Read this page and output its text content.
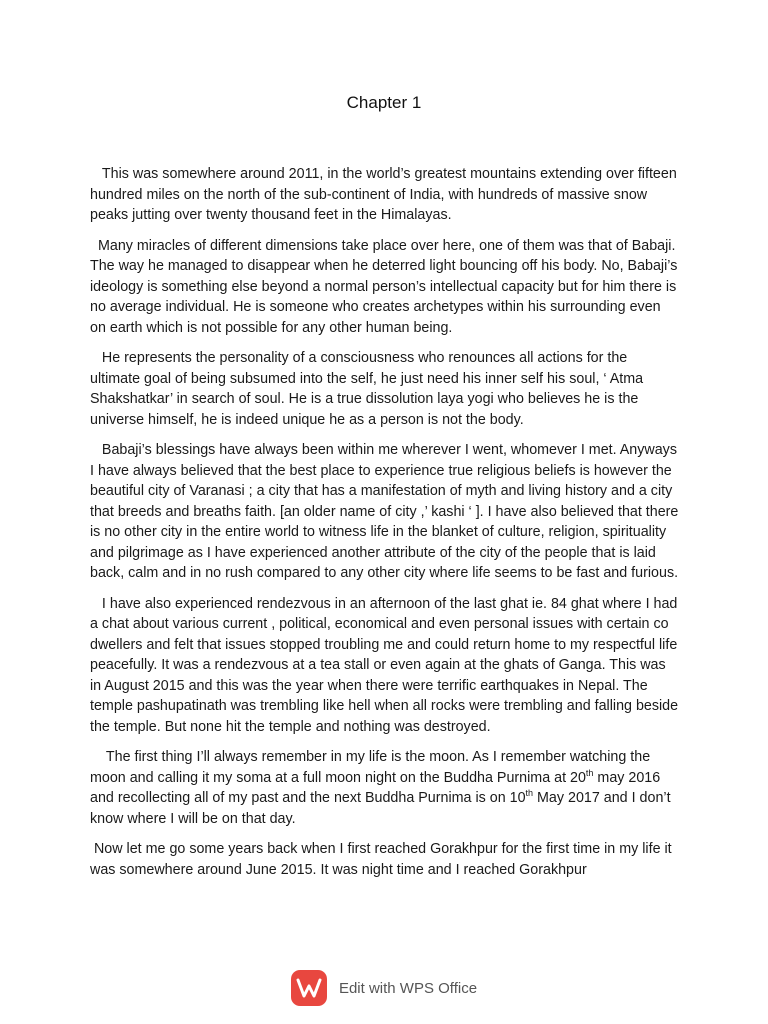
Chapter 1

This was somewhere around 2011, in the world’s greatest mountains extending over fifteen hundred miles on the north of the sub-continent of India, with hundreds of massive snow peaks jutting over twenty thousand feet in the Himalayas.

Many miracles of different dimensions take place over here, one of them was that of Babaji. The way he managed to disappear when he deterred light bouncing off his body. No, Babaji’s ideology is something else beyond a normal person’s intellectual capacity but for him there is no average individual. He is someone who creates archetypes within his surrounding even on earth which is not possible for any other human being.

He represents the personality of a consciousness who renounces all actions for the ultimate goal of being subsumed into the self, he just need his inner self his soul, ‘ Atma Shakshatkar’ in search of soul. He is a true dissolution laya yogi who believes he is the universe himself, he is indeed unique he as a person is not the body.

Babaji’s blessings have always been within me wherever I went, whomever I met. Anyways I have always believed that the best place to experience true religious beliefs is however the beautiful city of Varanasi ; a city that has a manifestation of myth and living history and a city that breeds and breaths faith. [an older name of city ,’ kashi ‘ ]. I have also believed that there is no other city in the entire world to witness life in the blanket of culture, religion, spirituality and pilgrimage as I have experienced another attribute of the city of the people that is laid back, calm and in no rush compared to any other city where life seems to be fast and furious.

I have also experienced rendezvous in an afternoon of the last ghat ie. 84 ghat where I had a chat about various current , political, economical and even personal issues with certain co dwellers and felt that issues stopped troubling me and could return home to my respectful life peacefully. It was a rendezvous at a tea stall or even again at the ghats of Ganga. This was in August 2015 and this was the year when there were terrific earthquakes in Nepal. The temple pashupatinath was trembling like hell when all rocks were trembling and falling beside the temple. But none hit the temple and nothing was destroyed.

The first thing I’ll always remember in my life is the moon. As I remember watching the moon and calling it my soma at a full moon night on the Buddha Purnima at 20th may 2016 and recollecting all of my past and the next Buddha Purnima is on 10th May 2017 and I don’t know where I will be on that day.

Now let me go some years back when I first reached Gorakhpur for the first time in my life it was somewhere around June 2015. It was night time and I reached Gorakhpur

Edit with WPS Office
